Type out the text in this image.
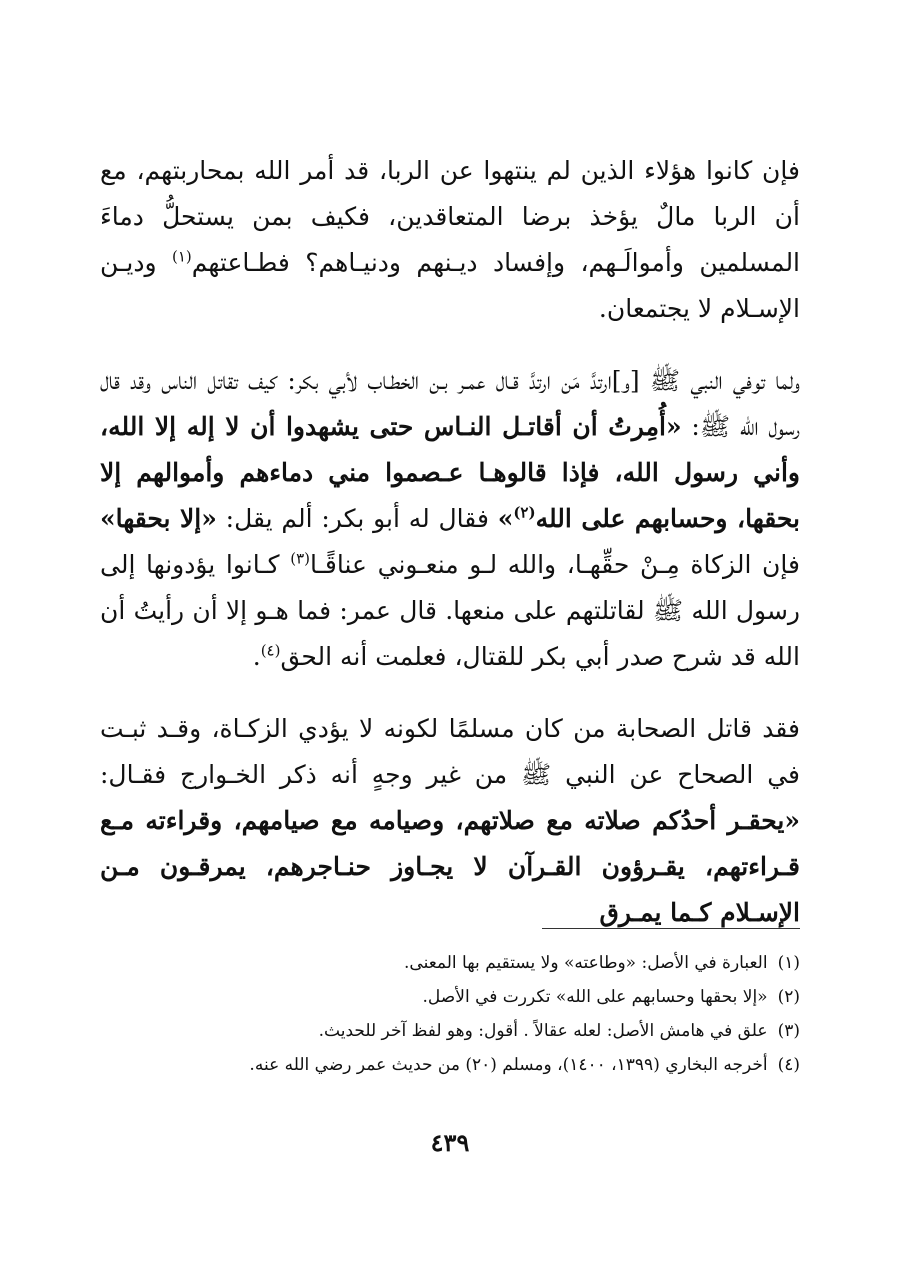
فإن كانوا هؤلاء الذين لم ينتهوا عن الربا، قد أمر الله بمحاربتهم، مع أن الربا مالٌ يؤخذ برضا المتعاقدين، فكيف بمن يستحلُّ دماءَ المسلمين وأموالَـهم، وإفساد ديـنهم ودنيـاهم؟ فطـاعتهم$^{(١)}$ وديـن الإسـلام لا يجتمعان.

ولما توفي النبي ﷺ [و]ارتدَّ مَن ارتدَّ قـال عمـر بـن الخطـاب لأبي بكر: كيف تقاتل الناس وقد قال رسول الله ﷺ: «أُمِرتُ أن أقاتـل النـاس حتى يشهدوا أن لا إله إلا الله، وأني رسول الله، فإذا قالوهـا عـصموا مني دماءهم وأموالهم إلا بحقها، وحسابهم على الله$^{(٢)}$» فقال له أبو بكر: ألم يقل: «إلا بحقها» فإن الزكاة مِـنْ حقِّهـا، والله لـو منعـوني عناقًـا$^{(٣)}$ كـانوا يؤدونها إلى رسول الله ﷺ لقاتلتهم على منعها. قال عمر: فما هـو إلا أن رأيتُ أن الله قد شرح صدر أبي بكر للقتال، فعلمت أنه الحق$^{(٤)}$.

فقد قاتل الصحابة من كان مسلمًا لكونه لا يؤدي الزكـاة، وقـد ثبـت في الصحاح عن النبي ﷺ من غير وجهٍ أنه ذكر الخـوارج فقـال: «يحقـر أحدُكم صلاته مع صلاتهم، وصيامه مع صيامهم، وقراءته مـع قـراءتهم، يقـرؤون القـرآن لا يجـاوز حنـاجرهم، يمرقـون مـن الإسـلام كـما يمـرق

(١)
العبارة في الأصل: «وطاعته» ولا يستقيم بها المعنى.
(٢)
«إلا بحقها وحسابهم على الله» تكررت في الأصل.
(٣)
علق في هامش الأصل: لعله عقالاً . أقول: وهو لفظ آخر للحديث.
(٤)
أخرجه البخاري (١٣٩٩، ١٤٠٠)، ومسلم (٢٠) من حديث عمر رضي الله عنه.
٤٣٩
